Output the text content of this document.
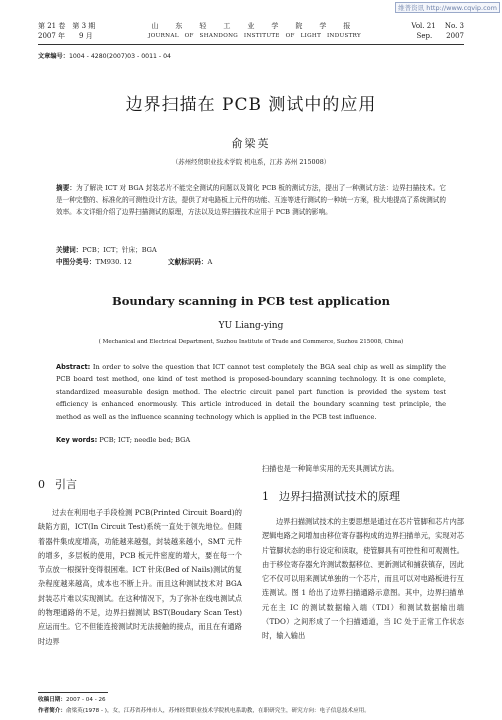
维普资讯 http://www.cqvip.com
第 21 卷　第 3 期	山　东　轻　工　业　学　院　学　报	Vol. 21　 No. 3
2007 年　　9 月	JOURNAL　OF　SHANDONG　INSTITUTE　OF　LIGHT　INDUSTRY	Sep.　　2007
文章编号：1004 - 4280(2007)03 - 0011 - 04
边界扫描在 PCB 测试中的应用
俞梁英
（苏州经贸职业技术学院 机电系，江苏 苏州 215008）
摘要：为了解决 ICT 对 BGA 封装芯片不能完全测试的问题以及简化 PCB 板的测试方法，提出了一种测试方法：边界扫描技术。它是一种完整的、标准化的可测性设计方法，提供了对电路板上元件的功能、互连等进行测试的一种统一方案，极大地提高了系统测试的效率。本文详细介绍了边界扫描测试的原理，方法以及边界扫描技术应用于 PCB 测试的影响。
关键词：PCB；ICT；针床；BGA
中图分类号：TM930. 12	文献标识码：A
Boundary scanning in PCB test application
YU Liang-ying
( Mechanical and Electrical Department, Suzhou Institute of Trade and Commerce, Suzhou 215008, China)
Abstract: In order to solve the question that ICT cannot test completely the BGA seal chip as well as simplify the PCB board test method, one kind of test method is proposed-boundary scanning technology. It is one complete, standardized measurable design method. The electric circuit panel part function is provided the system test efficiency is enhanced enormously. This article introduced in detail the boundary scanning test principle, the method as well as the influence scanning technology which is applied in the PCB test influence.
Key words: PCB; ICT; needle bed; BGA
0 引言

过去在利用电子手段检测 PCB(Printed Circuit Board)的缺陷方面，ICT(In Circuit Test)系统一直处于领先地位。但随着器件集成度增高，功能越来越强，封装越来越小，SMT 元件的增多，多层板的使用，PCB 板元件密度的增大，要在每一个节点放一根探针变得很困难。ICT 针床(Bed of Nails)测试的复杂程度越来越高，成本也不断上升。而且这种测试技术对 BGA 封装芯片难以实现测试。在这种情况下，为了弥补在线电测试点的物理通路的不足，边界扫描测试 BST(Boudary Scan Test)应运而生。它不但能连接测试时无法接触的接点，而且在有通路时边界

扫描也是一种简单实用的无夹具测试方法。

1 边界扫描测试技术的原理

边界扫描测试技术的主要思想是通过在芯片管脚和芯片内部逻辑电路之间增加由移位寄存器构成的边界扫描单元，实现对芯片管脚状态的串行设定和读取，使管脚具有可控性和可观测性。由于移位寄存器允许测试数据移位、更新测试和捕获镇存，因此它不仅可以用来测试单独的一个芯片，而且可以对电路板进行互连测试。图 1 给出了边界扫描通路示意图。其中，边界扫描单元在主 IC 的测试数据输入端（TDI）和测试数据输出端（TDO）之间形成了一个扫描通道，当 IC 处于正常工作状态时，输入输出

收稿日期：2007 - 04 - 26
作者简介：俞梁英(1978 - )，女，江苏省苏州市人，苏州经贸职业技术学院机电系助教，在职研究生，研究方向：电子信息技术应用。
